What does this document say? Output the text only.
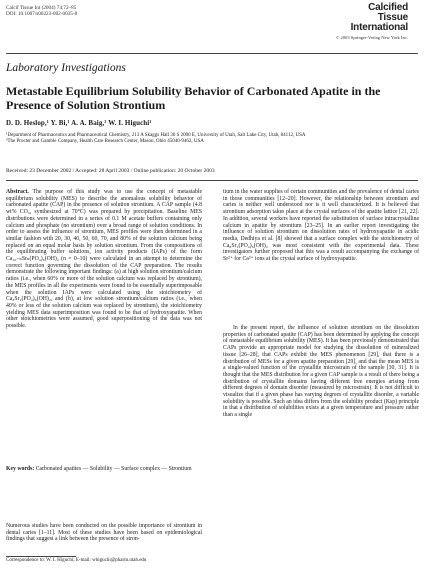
Calcif Tissue Int (2004) 74:72–85
DOI: 10.1007/s00223-002-0035-8
Calcified
Tissue
International
© 2003 Springer-Verlag New York Inc.
Laboratory Investigations
Metastable Equilibrium Solubility Behavior of Carbonated Apatite in the Presence of Solution Strontium
D. D. Heslop,¹ Y. Bi,¹ A. A. Baig,² W. I. Higuchi¹
¹Department of Pharmaceutics and Pharmaceutical Chemistry, 213 A Skaggs Hall 30 S 2000 E, University of Utah, Salt Lake City, Utah, 84112, USA
²The Procter and Gamble Company, Health Care Research Center, Mason, Ohio 45040-9462, USA
Received: 23 December 2002 / Accepted: 28 April 2003 / Online publication: 20 October 2003

Abstract. The purpose of this study was to use the concept of metastable equilibrium solubility (MES) to describe the anomalous solubility behavior of carbonated apatite (CAP) in the presence of solution strontium. A CAP sample (4.8 wt% CO₃, synthesized at 70°C) was prepared by precipitation. Baseline MES distributions were determined in a series of 0.1 M acetate buffers containing only calcium and phosphate (no strontium) over a broad range of solution conditions. In order to assess the influence of strontium, MES profiles were then determined in a similar fashion with 20, 30, 40, 50, 60, 70, and 80% of the solution calcium being replaced on an equal molar basis by solution strontium. From the compositions of the equilibrating buffer solutions, ion activity products (IAPs) of the form Ca₁₀₋ₙSrₙ(PO₄)₆(OH)₂ (n = 0–10) were calculated in an attempt to determine the correct function governing the dissolution of the CAP preparation. The results demonstrate the following important findings: (a) at high solution strontium/calcium ratios (i.e., when 60% or more of the solution calcium was replaced by strontium), the MES profiles in all the experiments were found to be essentially superimposable when the solution IAPs were calculated using the stoichiometry of Ca₈Sr₂(PO₄)₆(OH)₂, and (b), at low solution strontium/calcium ratios (i.e., when 40% or less of the solution calcium was replaced by strontium), the stoichiometry yielding MES data superimposition was found to be that of hydroxyapatite. When other stoichiometries were assumed, good superpositioning of the data was not possible.

Key words: Carbonated apatites — Solubility — Surface complex — Strontium

Numerous studies have been conducted on the possible importance of strontium in dental caries [1–11]. Most of these studies have been based on epidemiological findings that suggest a link between the presence of stron-

Correspondence to: W. I. Higuchi; E-mail: whiguchi@pharm.utah.edu

tium in the water supplies of certain communities and the prevalence of dental caries in those communities [12–20]. However, the relationship between strontium and caries is neither well understood nor is it well characterized. It is believed that strontium adsorption takes place at the crystal surfaces of the apatite lattice [21, 22]. In addition, several workers have reported the substitution of surface intracrystalline calcium in apatite by strontium [23–25]. In an earlier report investigating the influence of solution strontium on dissolution rates of hydroxyapatite in acidic media, Dedhiya et al. [8] showed that a surface complex with the stoichiometry of Ca₈Sr₂(PO₄)₆(OH)₂ was most consistent with the experimental data. These investigators further proposed that this was a result accompanying the exchange of Sr²⁺ for Ca²⁺ ions at the crystal surface of hydroxyapatite.

In the present report, the influence of solution strontium on the dissolution properties of carbonated apatite (CAP) has been determined by applying the concept of metastable equilibrium solubility (MES). It has been previously demonstrated that CAPs provide an appropriate model for studying the dissolution of mineralized tissue [26–28], that CAPs exhibit the MES phenomenon [29], that there is a distribution of MESs for a given apatite preparation [29], and that the mean MES is a single-valued function of the crystallite microstrain of the sample [30, 31]. It is thought that the MES distribution for a given CAP sample is a result of there being a distribution of crystallite domains having different free energies arising from different degrees of domain disorder (measured by microstrain). It is not difficult to visualize that if a given phase has varying degrees of crystallite disorder, a variable solubility is possible. Such an idea differs from the solubility product (Ksp) principle in that a distribution of solubilities exists at a given temperature and pressure rather than a single
